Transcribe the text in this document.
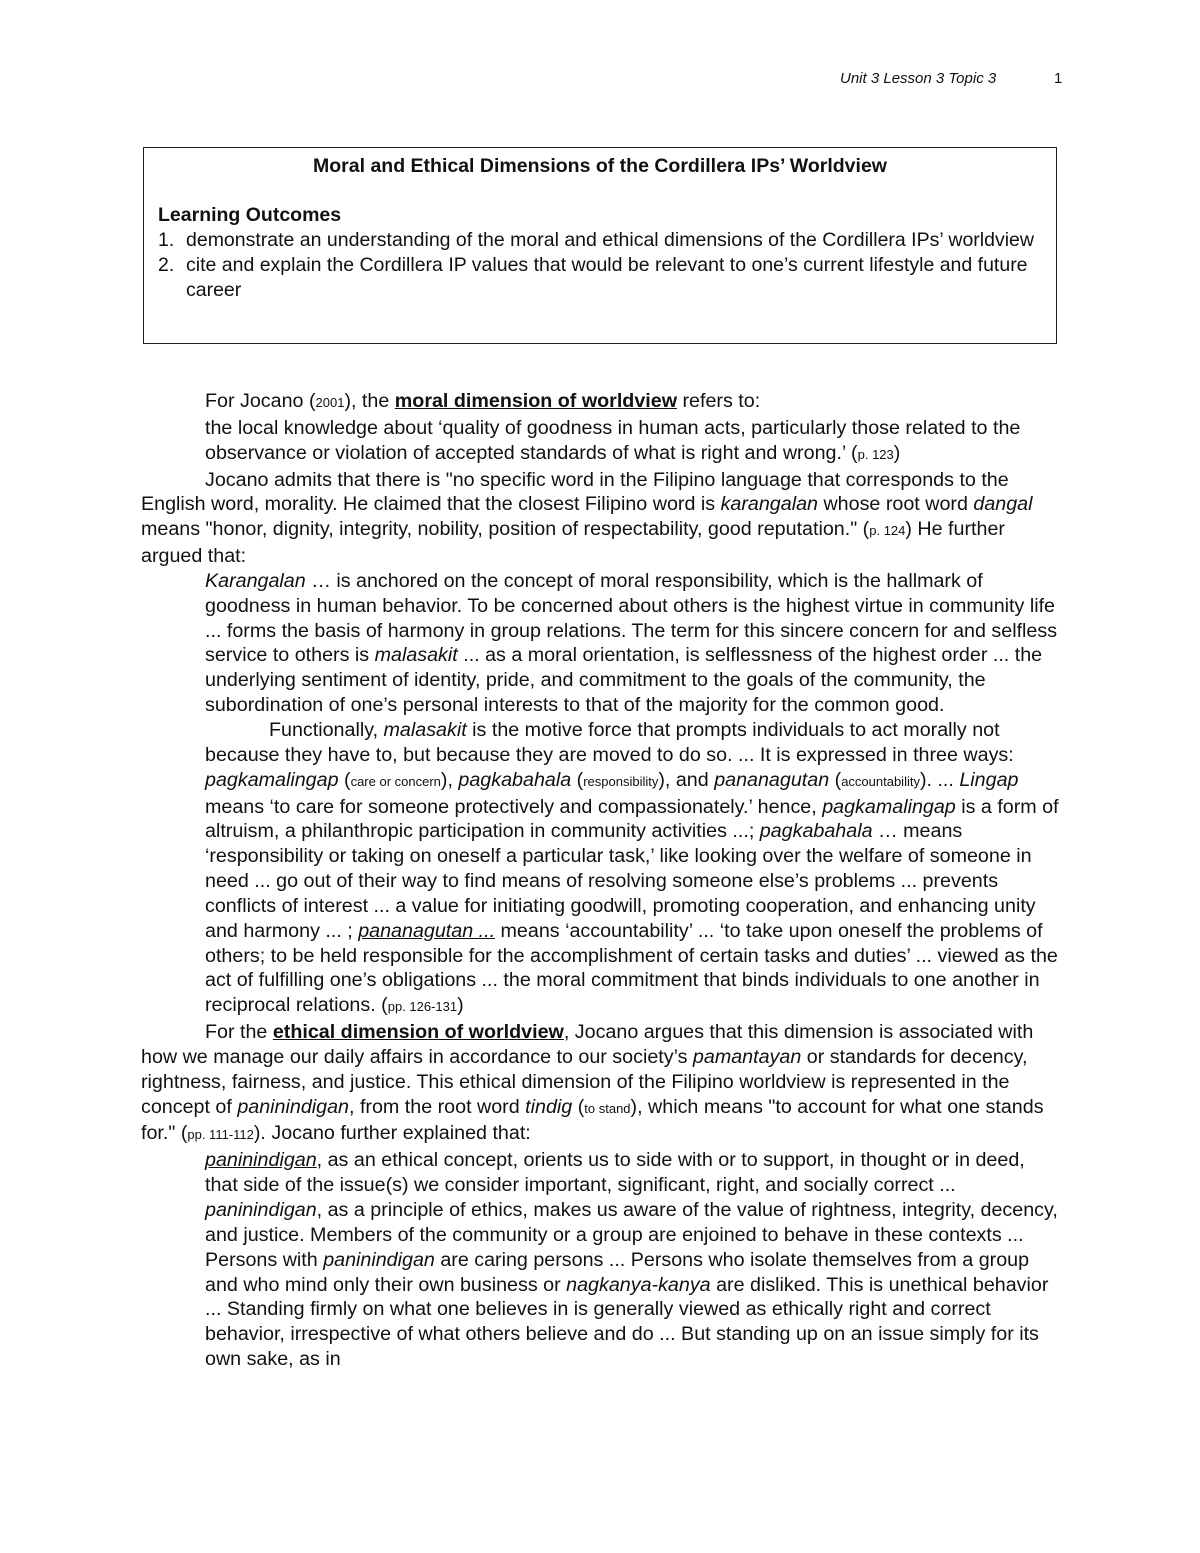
Unit 3 Lesson 3 Topic 3	1
Moral and Ethical Dimensions of the Cordillera IPs’ Worldview
Learning Outcomes
1. demonstrate an understanding of the moral and ethical dimensions of the Cordillera IPs’ worldview
2. cite and explain the Cordillera IP values that would be relevant to one’s current lifestyle and future career

For Jocano (2001), the moral dimension of worldview refers to:

the local knowledge about ‘quality of goodness in human acts, particularly those related to the observance or violation of accepted standards of what is right and wrong.’ (p. 123)

Jocano admits that there is "no specific word in the Filipino language that corresponds to the English word, morality. He claimed that the closest Filipino word is karangalan whose root word dangal means "honor, dignity, integrity, nobility, position of respectability, good reputation." (p. 124) He further argued that:

Karangalan … is anchored on the concept of moral responsibility, which is the hallmark of goodness in human behavior. To be concerned about others is the highest virtue in community life ... forms the basis of harmony in group relations. The term for this sincere concern for and selfless service to others is malasakit ... as a moral orientation, is selflessness of the highest order ... the underlying sentiment of identity, pride, and commitment to the goals of the community, the subordination of one’s personal interests to that of the majority for the common good.

Functionally, malasakit is the motive force that prompts individuals to act morally not because they have to, but because they are moved to do so. ... It is expressed in three ways: pagkamalingap (care or concern), pagkabahala (responsibility), and pananagutan (accountability). ... Lingap means ‘to care for someone protectively and compassionately.’ hence, pagkamalingap is a form of altruism, a philanthropic participation in community activities ...; pagkabahala … means ‘responsibility or taking on oneself a particular task,’ like looking over the welfare of someone in need ... go out of their way to find means of resolving someone else’s problems ... prevents conflicts of interest ... a value for initiating goodwill, promoting cooperation, and enhancing unity and harmony ... ; pananagutan ... means ‘accountability’ ... ‘to take upon oneself the problems of others; to be held responsible for the accomplishment of certain tasks and duties’ ... viewed as the act of fulfilling one’s obligations ... the moral commitment that binds individuals to one another in reciprocal relations. (pp. 126-131)

For the ethical dimension of worldview, Jocano argues that this dimension is associated with how we manage our daily affairs in accordance to our society’s pamantayan or standards for decency, rightness, fairness, and justice. This ethical dimension of the Filipino worldview is represented in the concept of paninindigan, from the root word tindig (to stand), which means "to account for what one stands for." (pp. 111-112). Jocano further explained that:

paninindigan, as an ethical concept, orients us to side with or to support, in thought or in deed, that side of the issue(s) we consider important, significant, right, and socially correct ... paninindigan, as a principle of ethics, makes us aware of the value of rightness, integrity, decency, and justice. Members of the community or a group are enjoined to behave in these contexts ... Persons with paninindigan are caring persons ... Persons who isolate themselves from a group and who mind only their own business or nagkanya-kanya are disliked. This is unethical behavior ... Standing firmly on what one believes in is generally viewed as ethically right and correct behavior, irrespective of what others believe and do ... But standing up on an issue simply for its own sake, as in
